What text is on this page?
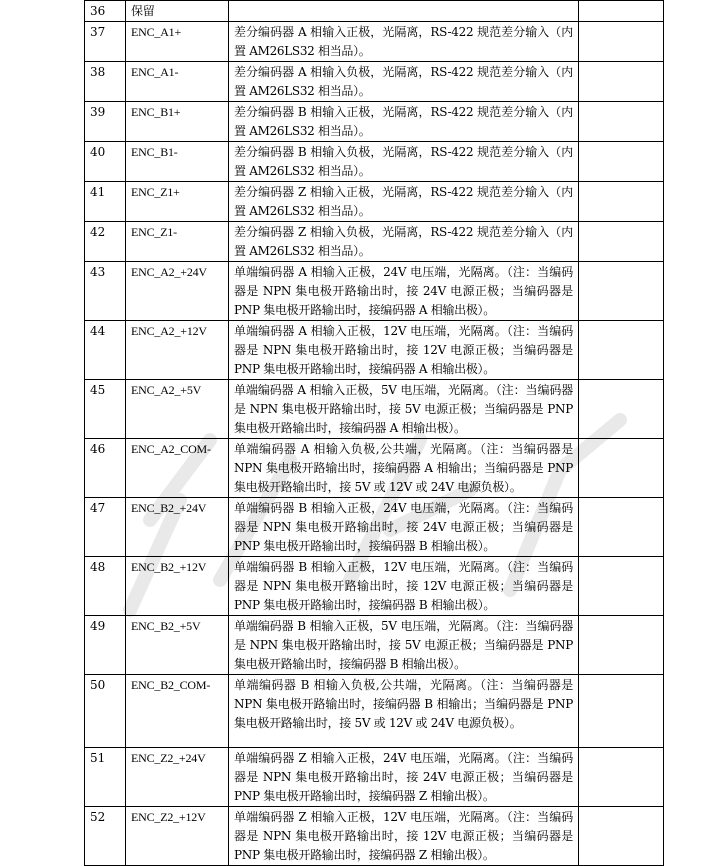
36	保留		
37	ENC_A1+	差分编码器 A 相输入正极，光隔离，RS-422 规范差分输入（内置 AM26LS32 相当品）。	
38	ENC_A1-	差分编码器 A 相输入负极，光隔离，RS-422 规范差分输入（内置 AM26LS32 相当品）。	
39	ENC_B1+	差分编码器 B 相输入正极，光隔离，RS-422 规范差分输入（内置 AM26LS32 相当品）。	
40	ENC_B1-	差分编码器 B 相输入负极，光隔离，RS-422 规范差分输入（内置 AM26LS32 相当品）。	
41	ENC_Z1+	差分编码器 Z 相输入正极，光隔离，RS-422 规范差分输入（内置 AM26LS32 相当品）。	
42	ENC_Z1-	差分编码器 Z 相输入负极，光隔离，RS-422 规范差分输入（内置 AM26LS32 相当品）。	
43	ENC_A2_+24V	单端编码器 A 相输入正极，24V 电压端，光隔离。（注：当编码器是 NPN 集电极开路输出时，接 24V 电源正极；当编码器是 PNP 集电极开路输出时，接编码器 A 相输出极）。	
44	ENC_A2_+12V	单端编码器 A 相输入正极，12V 电压端，光隔离。（注：当编码器是 NPN 集电极开路输出时，接 12V 电源正极；当编码器是 PNP 集电极开路输出时，接编码器 A 相输出极）。	
45	ENC_A2_+5V	单端编码器 A 相输入正极，5V 电压端，光隔离。（注：当编码器是 NPN 集电极开路输出时，接 5V 电源正极；当编码器是 PNP 集电极开路输出时，接编码器 A 相输出极）。	
46	ENC_A2_COM-	单端编码器 A 相输入负极,公共端，光隔离。（注：当编码器是 NPN 集电极开路输出时，接编码器 A 相输出；当编码器是 PNP 集电极开路输出时，接 5V 或 12V 或 24V 电源负极）。	
47	ENC_B2_+24V	单端编码器 B 相输入正极，24V 电压端，光隔离。（注：当编码器是 NPN 集电极开路输出时，接 24V 电源正极；当编码器是 PNP 集电极开路输出时，接编码器 B 相输出极）。	
48	ENC_B2_+12V	单端编码器 B 相输入正极，12V 电压端，光隔离。（注：当编码器是 NPN 集电极开路输出时，接 12V 电源正极；当编码器是 PNP 集电极开路输出时，接编码器 B 相输出极）。	
49	ENC_B2_+5V	单端编码器 B 相输入正极，5V 电压端，光隔离。（注：当编码器是 NPN 集电极开路输出时，接 5V 电源正极；当编码器是 PNP 集电极开路输出时，接编码器 B 相输出极）。	
50	ENC_B2_COM-	单端编码器 B 相输入负极,公共端，光隔离。（注：当编码器是 NPN 集电极开路输出时，接编码器 B 相输出；当编码器是 PNP 集电极开路输出时，接 5V 或 12V 或 24V 电源负极）。	
51	ENC_Z2_+24V	单端编码器 Z 相输入正极，24V 电压端，光隔离。（注：当编码器是 NPN 集电极开路输出时，接 24V 电源正极；当编码器是 PNP 集电极开路输出时，接编码器 Z 相输出极）。	
52	ENC_Z2_+12V	单端编码器 Z 相输入正极，12V 电压端，光隔离。（注：当编码器是 NPN 集电极开路输出时，接 12V 电源正极；当编码器是 PNP 集电极开路输出时，接编码器 Z 相输出极）。	
